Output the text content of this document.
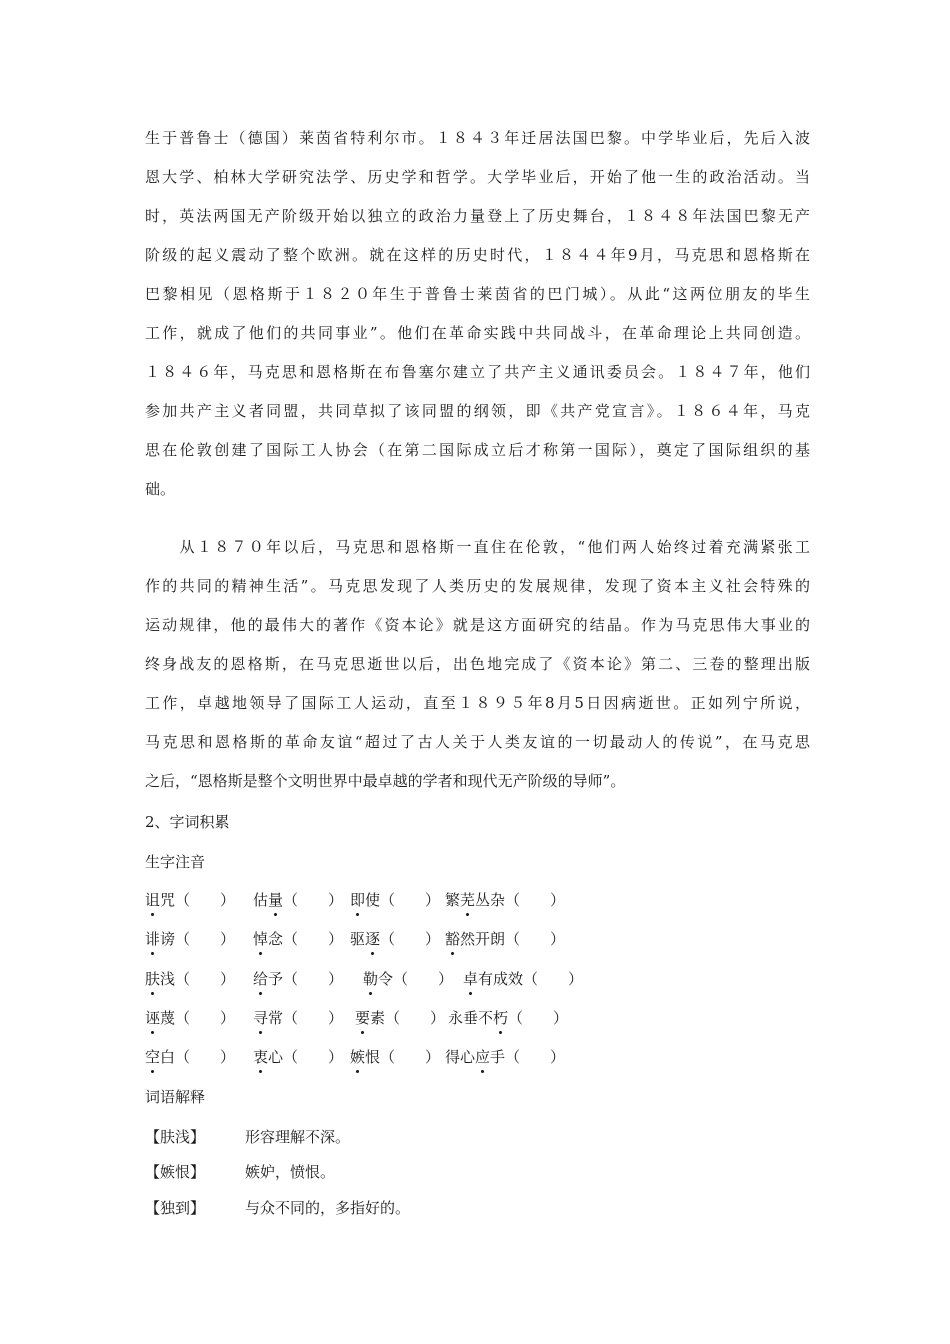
生于普鲁士（德国）莱茵省特利尔市。１８４３年迁居法国巴黎。中学毕业后，先后入波
恩大学、柏林大学研究法学、历史学和哲学。大学毕业后，开始了他一生的政治活动。当
时，英法两国无产阶级开始以独立的政治力量登上了历史舞台，１８４８年法国巴黎无产
阶级的起义震动了整个欧洲。就在这样的历史时代，１８４４年9月，马克思和恩格斯在
巴黎相见（恩格斯于１８２０年生于普鲁士莱茵省的巴门城）。从此“这两位朋友的毕生
工作，就成了他们的共同事业”。他们在革命实践中共同战斗，在革命理论上共同创造。
１８４６年，马克思和恩格斯在布鲁塞尔建立了共产主义通讯委员会。１８４７年，他们
参加共产主义者同盟，共同草拟了该同盟的纲领，即《共产党宣言》。１８６４年，马克
思在伦敦创建了国际工人协会（在第二国际成立后才称第一国际），奠定了国际组织的基
础。
　　从１８７０年以后，马克思和恩格斯一直住在伦敦，“他们两人始终过着充满紧张工
作的共同的精神生活”。马克思发现了人类历史的发展规律，发现了资本主义社会特殊的
运动规律，他的最伟大的著作《资本论》就是这方面研究的结晶。作为马克思伟大事业的
终身战友的恩格斯，在马克思逝世以后，出色地完成了《资本论》第二、三卷的整理出版
工作，卓越地领导了国际工人运动，直至１８９５年8月5日因病逝世。正如列宁所说，
马克思和恩格斯的革命友谊“超过了古人关于人类友谊的一切最动人的传说”，在马克思
之后，“恩格斯是整个文明世界中最卓越的学者和现代无产阶级的导师”。

2、字词积累

生字注音

诅咒（　　） 估量（　　） 即使（　　） 繁芜丛杂（　　）
诽谤（　　） 悼念（　　） 驱逐（　　） 豁然开朗（　　）
肤浅（　　） 给予（　　） 勒令（　　） 卓有成效（　　）
诬蔑（　　） 寻常（　　） 要素（　　） 永垂不朽（　　）
空白（　　） 衷心（　　） 嫉恨（　　） 得心应手（　　）

词语解释

【肤浅】	形容理解不深。
【嫉恨】	嫉妒，愤恨。
【独到】	与众不同的，多指好的。
